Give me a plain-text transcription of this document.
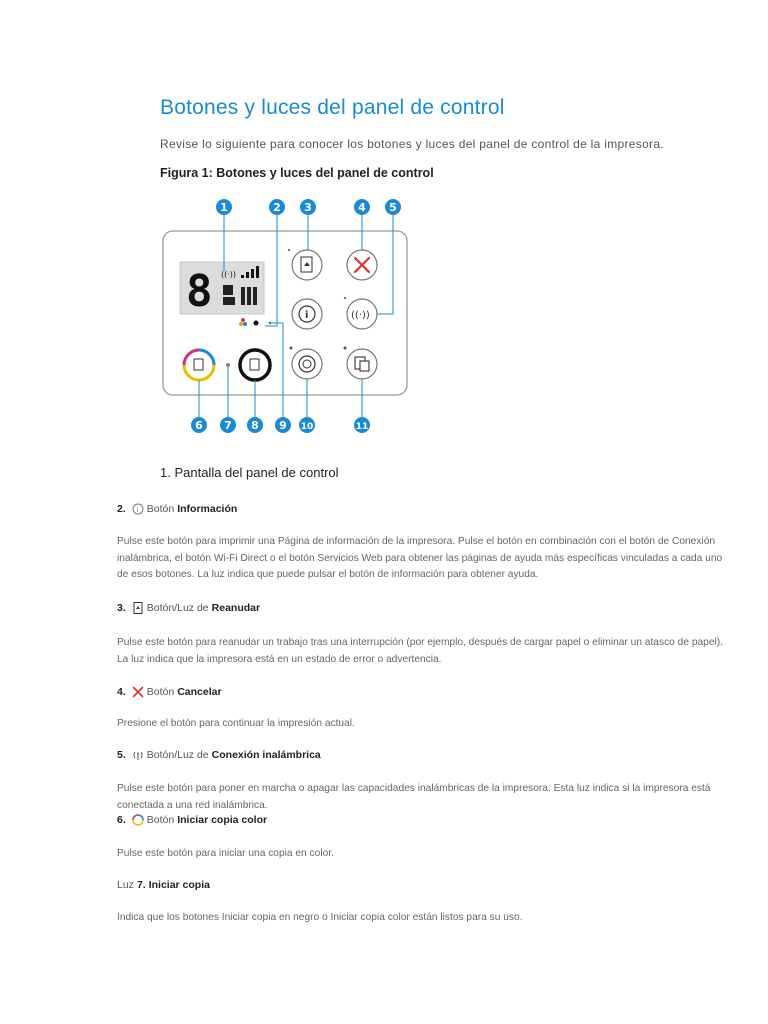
Botones y luces del panel de control
Revise lo siguiente para conocer los botones y luces del panel de control de la impresora.
Figura 1: Botones y luces del panel de control
8 ((·))
i	((·))
1	2 3	4 5
6 7 8 9 10	11
1. Pantalla del panel de control
2. i Botón Información
Pulse este botón para imprimir una Página de información de la impresora. Pulse el botón en combinación con el botón de Conexión inalámbrica, el botón Wi-Fi Direct o el botón Servicios Web para obtener las páginas de ayuda más específicas vinculadas a cada uno de esos botones. La luz indica que puede pulsar el botón de información para obtener ayuda.
3. Botón/Luz de Reanudar
Pulse este botón para reanudar un trabajo tras una interrupción (por ejemplo, después de cargar papel o eliminar un atasco de papel). La luz indica que la impresora está en un estado de error o advertencia.
4. Botón Cancelar
Presione el botón para continuar la impresión actual.
5. Botón/Luz de Conexión inalámbrica
Pulse este botón para poner en marcha o apagar las capacidades inalámbricas de la impresora. Esta luz indica si la impresora está conectada a una red inalámbrica.
6. Botón Iniciar copia color
Pulse este botón para iniciar una copia en color.
Luz 7. Iniciar copia
Indica que los botones Iniciar copia en negro o Iniciar copia color están listos para su uso.
